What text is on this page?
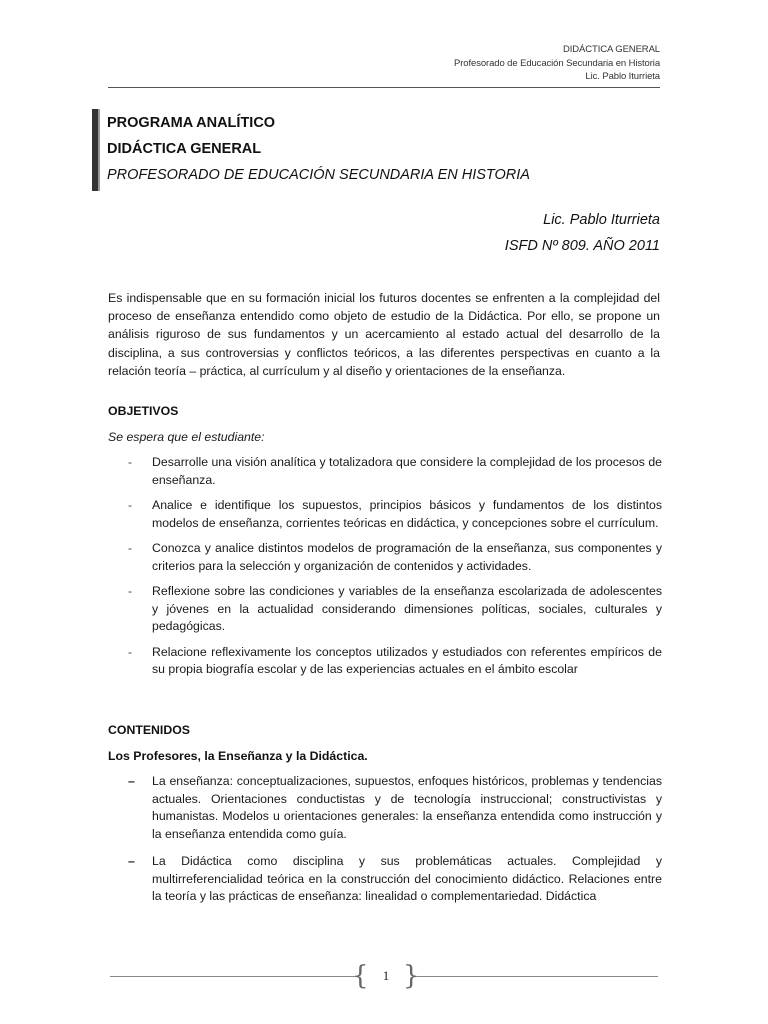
DIDÁCTICA GENERAL
Profesorado de Educación Secundaria en Historia
Lic. Pablo Iturrieta
PROGRAMA ANALÍTICO
DIDÁCTICA GENERAL
PROFESORADO DE EDUCACIÓN SECUNDARIA EN HISTORIA
Lic. Pablo Iturrieta
ISFD Nº 809. AÑO 2011

Es indispensable que en su formación inicial los futuros docentes se enfrenten a la complejidad del proceso de enseñanza entendido como objeto de estudio de la Didáctica. Por ello, se propone un análisis riguroso de sus fundamentos y un acercamiento al estado actual del desarrollo de la disciplina, a sus controversias y conflictos teóricos, a las diferentes perspectivas en cuanto a la relación teoría – práctica, al currículum y al diseño y orientaciones de la enseñanza.

OBJETIVOS
Se espera que el estudiante:
- Desarrolle una visión analítica y totalizadora que considere la complejidad de los procesos de enseñanza.
- Analice e identifique los supuestos, principios básicos y fundamentos de los distintos modelos de enseñanza, corrientes teóricas en didáctica, y concepciones sobre el currículum.
- Conozca y analice distintos modelos de programación de la enseñanza, sus componentes y criterios para la selección y organización de contenidos y actividades.
- Reflexione sobre las condiciones y variables de la enseñanza escolarizada de adolescentes y jóvenes en la actualidad considerando dimensiones políticas, sociales, culturales y pedagógicas.
- Relacione reflexivamente los conceptos utilizados y estudiados con referentes empíricos de su propia biografía escolar y de las experiencias actuales en el ámbito escolar
CONTENIDOS
Los Profesores, la Enseñanza y la Didáctica.
– La enseñanza: conceptualizaciones, supuestos, enfoques históricos, problemas y tendencias actuales. Orientaciones conductistas y de tecnología instruccional; constructivistas y humanistas. Modelos u orientaciones generales: la enseñanza entendida como instrucción y la enseñanza entendida como guía.
– La Didáctica como disciplina y sus problemáticas actuales. Complejidad y multirreferencialidad teórica en la construcción del conocimiento didáctico. Relaciones entre la teoría y las prácticas de enseñanza: linealidad o complementariedad. Didáctica
{	1 }
